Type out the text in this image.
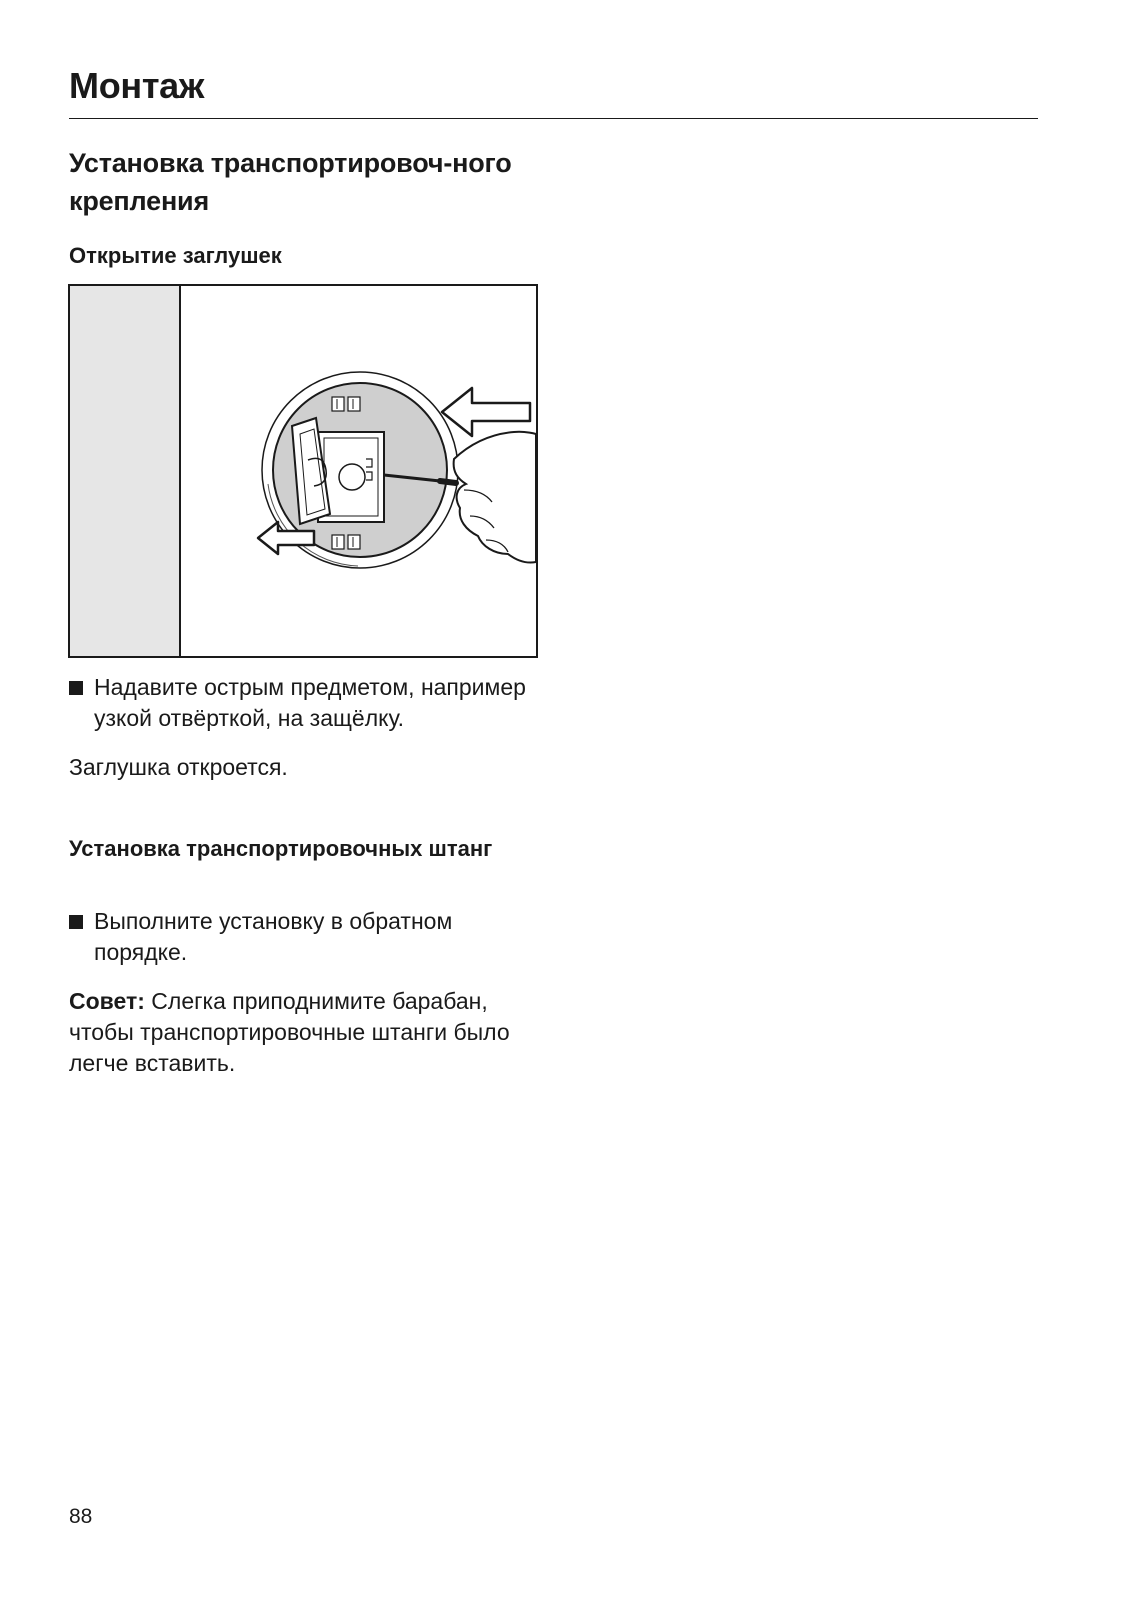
Монтаж
Установка транспортировоч-ного крепления
Открытие заглушек
Надавите острым предметом, например узкой отвёрткой, на защёлку.

Заглушка откроется.

Установка транспортировочных штанг
Выполните установку в обратном порядке.

Совет: Слегка приподнимите барабан, чтобы транспортировочные штанги было легче вставить.

88
